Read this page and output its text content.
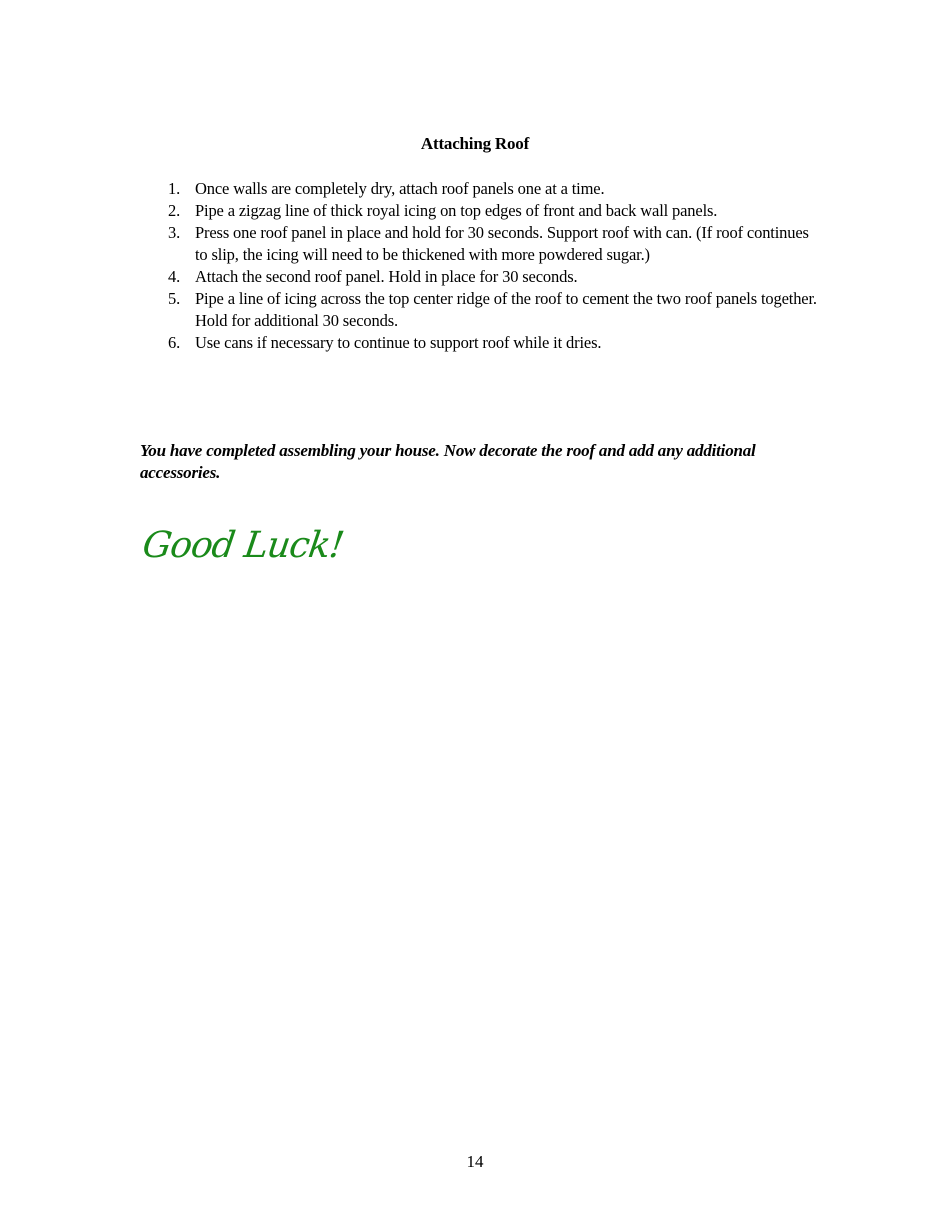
Attaching Roof
1. Once walls are completely dry, attach roof panels one at a time.
2. Pipe a zigzag line of thick royal icing on top edges of front and back wall panels.
3. Press one roof panel in place and hold for 30 seconds. Support roof with can. (If roof continues to slip, the icing will need to be thickened with more powdered sugar.)
4. Attach the second roof panel. Hold in place for 30 seconds.
5. Pipe a line of icing across the top center ridge of the roof to cement the two roof panels together. Hold for additional 30 seconds.
6. Use cans if necessary to continue to support roof while it dries.
You have completed assembling your house. Now decorate the roof and add any additional accessories.
Good Luck!
14
